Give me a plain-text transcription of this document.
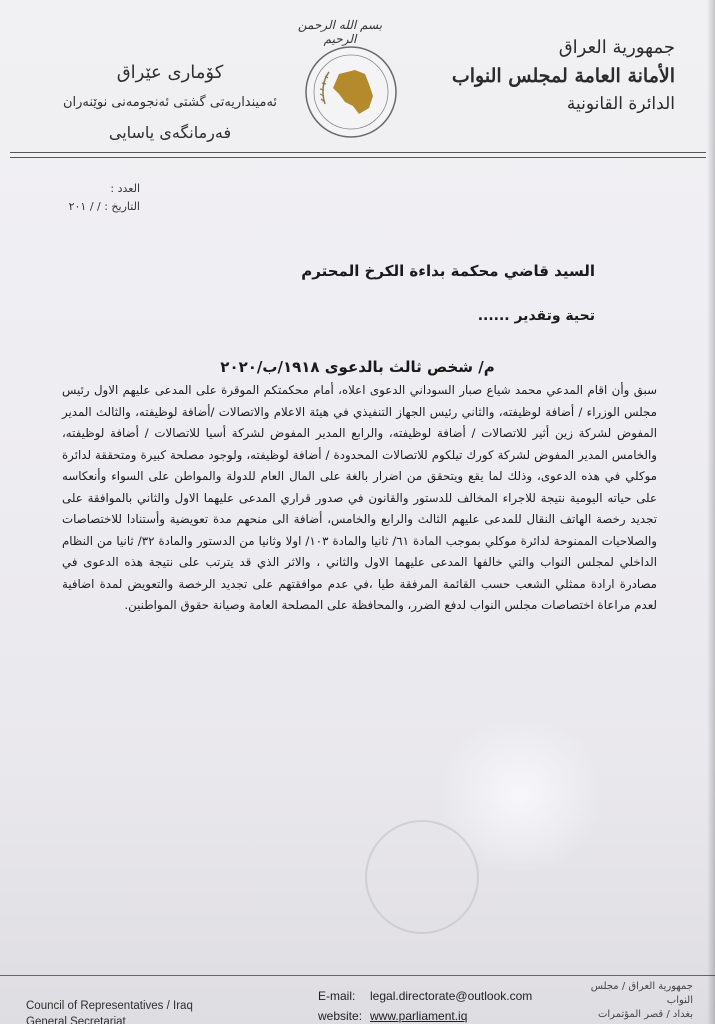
بسم الله الرحمن الرحيم	جمهورية العراق
الأمانة العامة لمجلس النواب
الدائرة القانونية
کۆماری عێراق
ئەمینداریەتی گشتی ئەنجومەنی نوێنەران
فەرمانگەی یاسایی
العدد :
التاريخ : / / ٢٠١
السيد قاضي محكمة بداءة الكرخ المحترم
تحية وتقدير ......
م/ شخص ثالث بالدعوى ١٩١٨/ب/٢٠٢٠

سبق وأن اقام المدعي محمد شياع صبار السوداني الدعوى اعلاه، أمام محكمتكم الموقرة على المدعى عليهم الاول رئيس مجلس الوزراء / أضافة لوظيفته، والثاني رئيس الجهاز التنفيذي في هيئة الاعلام والاتصالات /أضافة لوظيفته، والثالث المدير المفوض لشركة زين أثير للاتصالات / أضافة لوظيفته، والرابع المدير المفوض لشركة أسيا للاتصالات / أضافة لوظيفته، والخامس المدير المفوض لشركة كورك تيلكوم للاتصالات المحدودة / أضافة لوظيفته، ولوجود مصلحة كبيرة ومتحققة لدائرة موكلي في هذه الدعوى، وذلك لما يقع ويتحقق من اضرار بالغة على المال العام للدولة والمواطن على السواء وأنعكاسه على حياته اليومية نتيجة للاجراء المخالف للدستور والقانون في صدور قراري المدعى عليهما الاول والثاني بالموافقة على تجديد رخصة الهاتف النقال للمدعى عليهم الثالث والرابع والخامس، أضافة الى منحهم مدة تعويضية وأستنادا للاختصاصات والصلاحيات الممنوحة لدائرة موكلي بموجب المادة ٦١/ ثانيا والمادة ١٠٣/ اولا وثانيا من الدستور والمادة ٣٢/ ثانيا من النظام الداخلي لمجلس النواب والتي خالفها المدعى عليهما الاول والثاني ، والاثر الذي قد يترتب على نتيجة هذه الدعوى في مصادرة ارادة ممثلي الشعب حسب القائمة المرفقة طيا ،في عدم موافقتهم على تجديد الرخصة والتعويض لمدة اضافية لعدم مراعاة اختصاصات مجلس النواب لدفع الضرر، والمحافظة على المصلحة العامة وصيانة حقوق المواطنين.

Council of Representatives / Iraq
General Secretariat
E-mail: legal.directorate@outlook.com
website: www.parliament.iq
جمهورية العراق / مجلس النواب
بغداد / قصر المؤتمرات
